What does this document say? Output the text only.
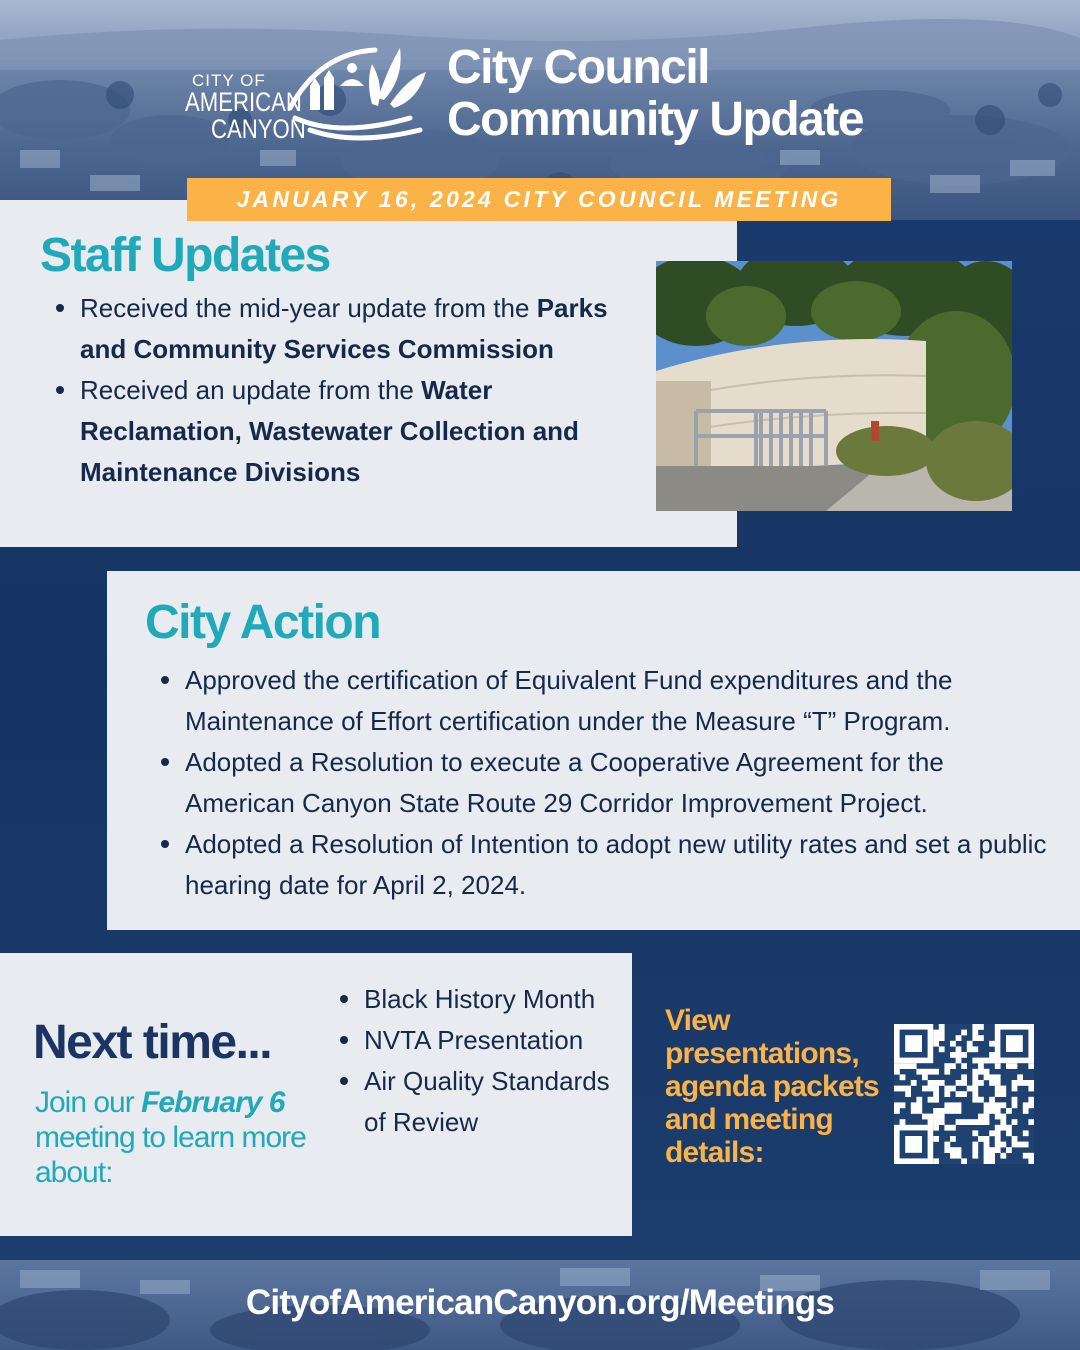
CITY OF
AMERICAN
CANYON
City Council
Community Update
Staff Updates
Received the mid-year update from the Parks and Community Services Commission
Received an update from the Water Reclamation, Wastewater Collection and Maintenance Divisions
JANUARY 16, 2024 CITY COUNCIL MEETING
City Action
Approved the certification of Equivalent Fund expenditures and the Maintenance of Effort certification under the Measure “T” Program.
Adopted a Resolution to execute a Cooperative Agreement for the American Canyon State Route 29 Corridor Improvement Project.
Adopted a Resolution of Intention to adopt new utility rates and set a public hearing date for April 2, 2024.
Next time...
Join our February 6 meeting to learn more about:
Black History Month
NVTA Presentation
Air Quality Standards of Review
View presentations, agenda packets and meeting details:
CityofAmericanCanyon.org/Meetings
